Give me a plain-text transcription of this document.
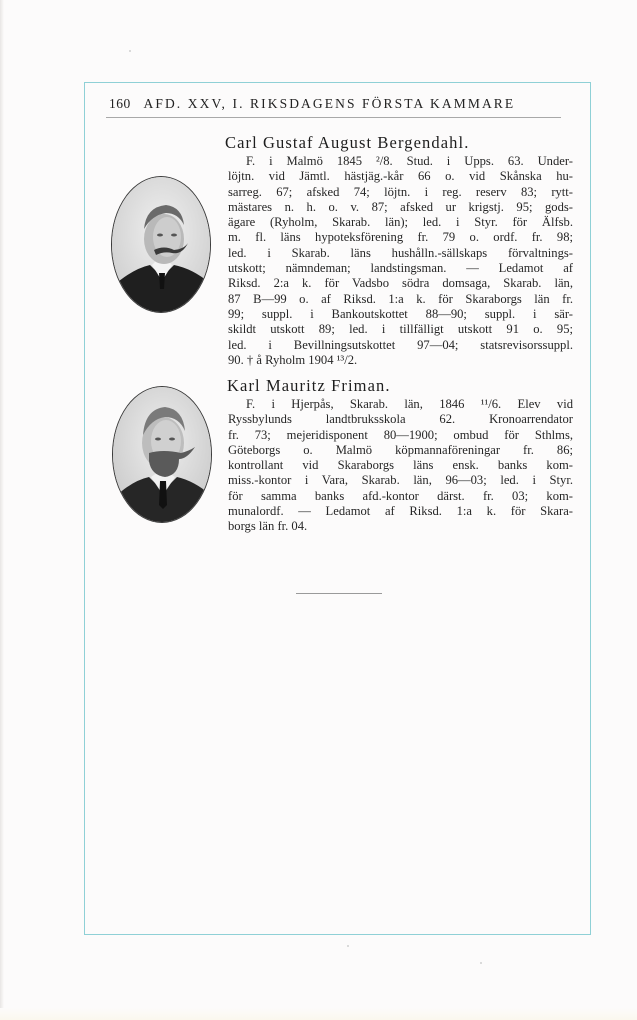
160 AFD. XXV, I. RIKSDAGENS FÖRSTA KAMMARE
Carl Gustaf August Bergendahl.
F. i Malmö 1845 ²/8. Stud. i Upps. 63. Under-
löjtn. vid Jämtl. hästjäg.-kår 66 o. vid Skånska hu-
sarreg. 67; afsked 74; löjtn. i reg. reserv 83; rytt-
mästares n. h. o. v. 87; afsked ur krigstj. 95; gods-
ägare (Ryholm, Skarab. län); led. i Styr. för Älfsb.
m. fl. läns hypoteksförening fr. 79 o. ordf. fr. 98;
led. i Skarab. läns hushålln.-sällskaps förvaltnings-
utskott; nämndeman; landstingsman. — Ledamot af
Riksd. 2:a k. för Vadsbo södra domsaga, Skarab. län,
87 B—99 o. af Riksd. 1:a k. för Skaraborgs län fr.
99; suppl. i Bankoutskottet 88—90; suppl. i sär-
skildt utskott 89; led. i tillfälligt utskott 91 o. 95;
led. i Bevillningsutskottet 97—04; statsrevisorssuppl.
90. † å Ryholm 1904 ¹³/2.
Karl Mauritz Friman.
F. i Hjerpås, Skarab. län, 1846 ¹¹/6. Elev vid
Ryssbylunds landtbruksskola 62. Kronoarrendator
fr. 73; mejeridisponent 80—1900; ombud för Sthlms,
Göteborgs o. Malmö köpmannaföreningar fr. 86;
kontrollant vid Skaraborgs läns ensk. banks kom-
miss.-kontor i Vara, Skarab. län, 96—03; led. i Styr.
för samma banks afd.-kontor därst. fr. 03; kom-
munalordf. — Ledamot af Riksd. 1:a k. för Skara-
borgs län fr. 04.
